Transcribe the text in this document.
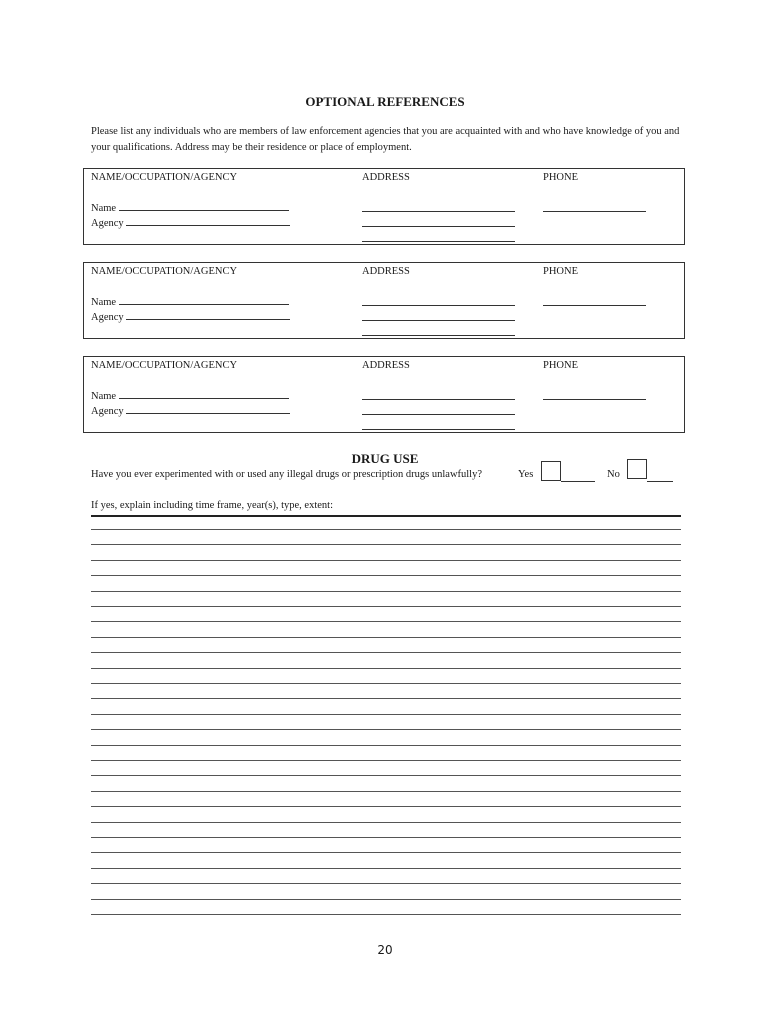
OPTIONAL REFERENCES
Please list any individuals who are members of law enforcement agencies that you are acquainted with and who have knowledge of you and your qualifications. Address may be their residence or place of employment.
NAME/OCCUPATION/AGENCY	ADDRESS	PHONE
Name
Agency
NAME/OCCUPATION/AGENCY	ADDRESS	PHONE
Name
Agency
NAME/OCCUPATION/AGENCY	ADDRESS	PHONE
Name
Agency
DRUG USE
Have you ever experimented with or used any illegal drugs or prescription drugs unlawfully?	Yes	No
If yes, explain including time frame, year(s), type, extent:
20
